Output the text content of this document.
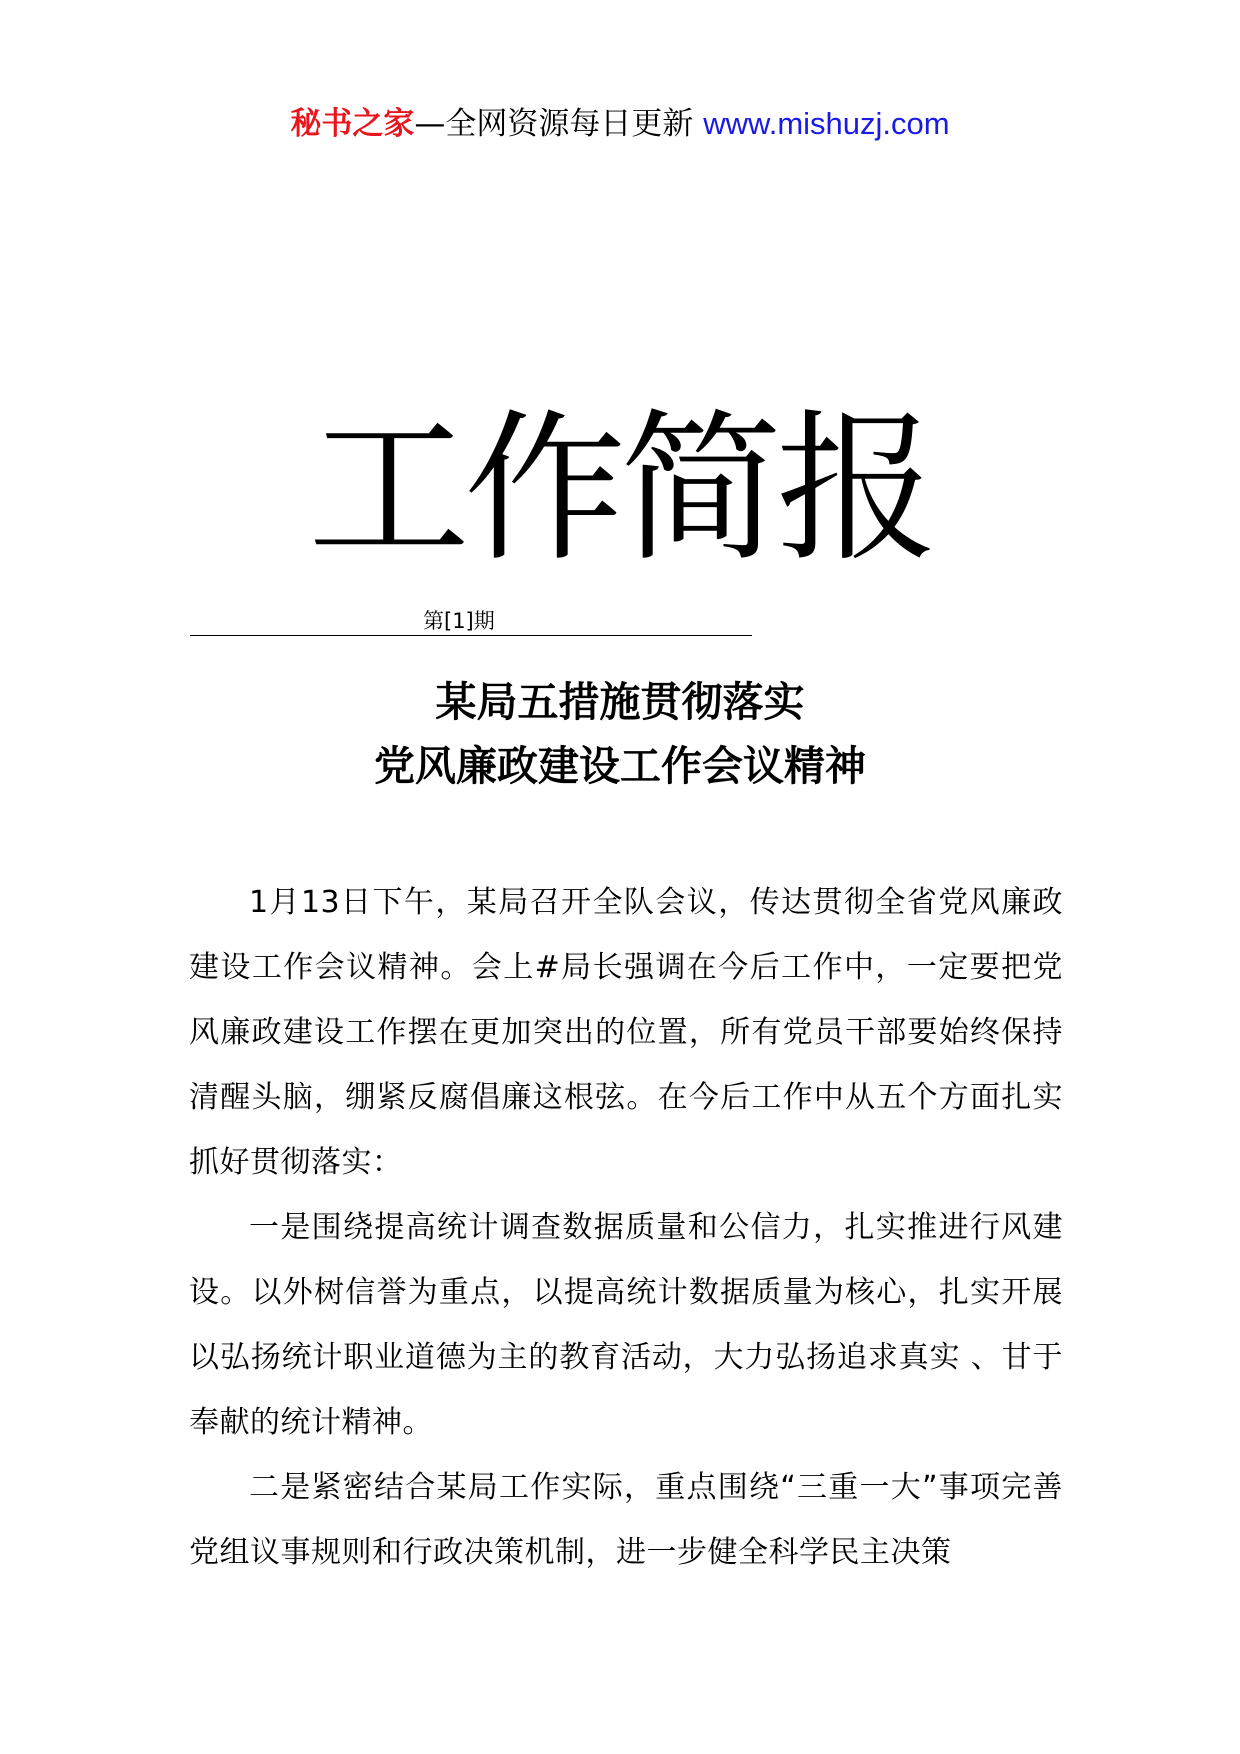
秘书之家—全网资源每日更新 www.mishuzj.com
工作简报
第[1]期
某局五措施贯彻落实
党风廉政建设工作会议精神

1月13日下午，某局召开全队会议，传达贯彻全省党风廉政建设工作会议精神。会上#局长强调在今后工作中，一定要把党风廉政建设工作摆在更加突出的位置，所有党员干部要始终保持清醒头脑，绷紧反腐倡廉这根弦。在今后工作中从五个方面扎实抓好贯彻落实：

一是围绕提高统计调查数据质量和公信力，扎实推进行风建设。以外树信誉为重点，以提高统计数据质量为核心，扎实开展以弘扬统计职业道德为主的教育活动，大力弘扬追求真实 、甘于奉献的统计精神。

二是紧密结合某局工作实际，重点围绕“三重一大”事项完善党组议事规则和行政决策机制，进一步健全科学民主决策
